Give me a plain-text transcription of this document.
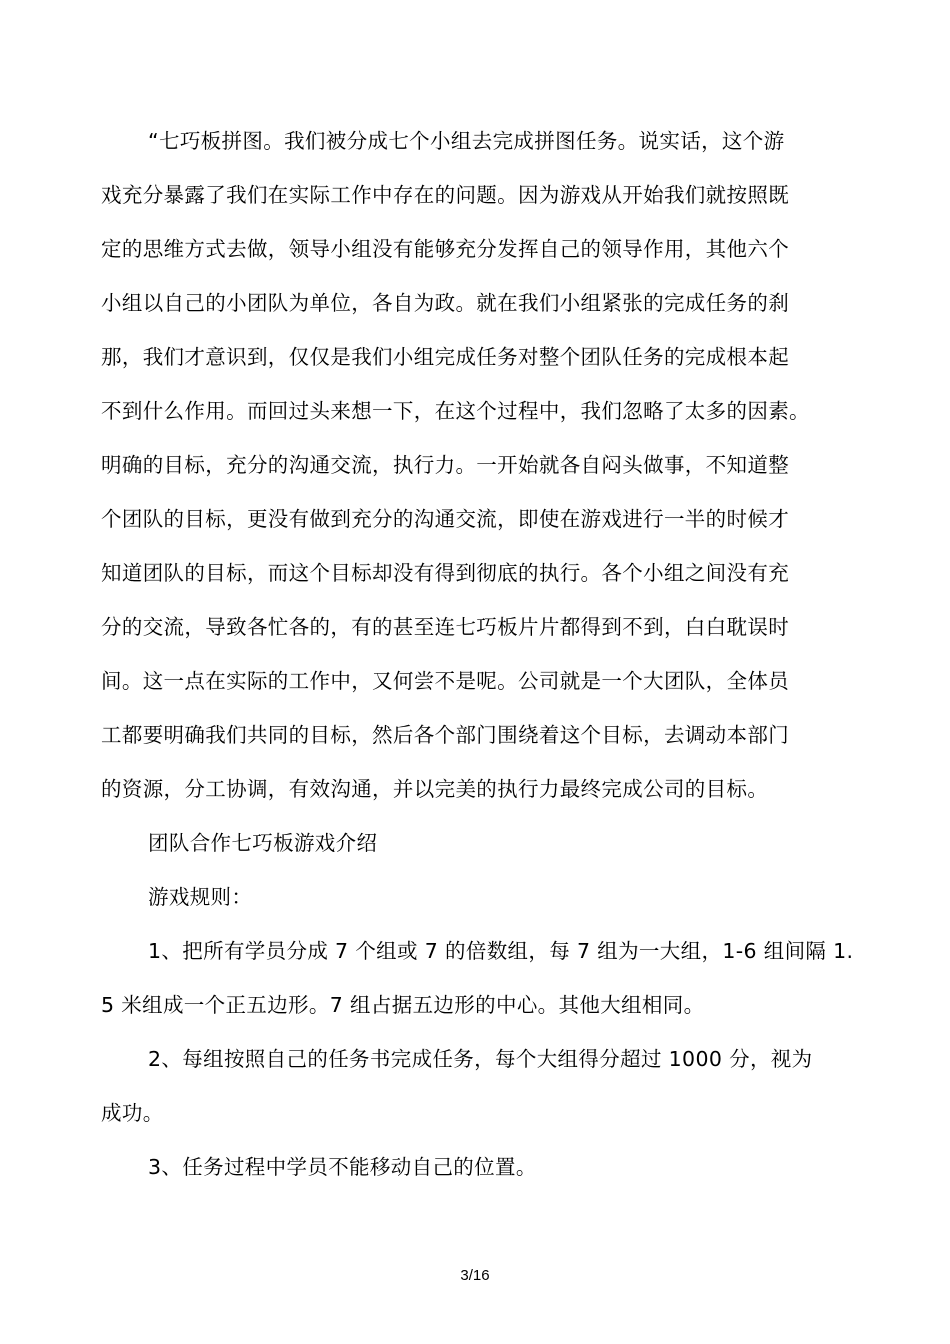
“七巧板拼图。我们被分成七个小组去完成拼图任务。说实话，这个游
戏充分暴露了我们在实际工作中存在的问题。因为游戏从开始我们就按照既
定的思维方式去做，领导小组没有能够充分发挥自己的领导作用，其他六个
小组以自己的小团队为单位，各自为政。就在我们小组紧张的完成任务的刹
那，我们才意识到，仅仅是我们小组完成任务对整个团队任务的完成根本起
不到什么作用。而回过头来想一下，在这个过程中，我们忽略了太多的因素。
明确的目标，充分的沟通交流，执行力。一开始就各自闷头做事，不知道整
个团队的目标，更没有做到充分的沟通交流，即使在游戏进行一半的时候才
知道团队的目标，而这个目标却没有得到彻底的执行。各个小组之间没有充
分的交流，导致各忙各的，有的甚至连七巧板片片都得到不到，白白耽误时
间。这一点在实际的工作中，又何尝不是呢。公司就是一个大团队，全体员
工都要明确我们共同的目标，然后各个部门围绕着这个目标，去调动本部门
的资源，分工协调，有效沟通，并以完美的执行力最终完成公司的目标。
团队合作七巧板游戏介绍
游戏规则：
1、把所有学员分成 7 个组或 7 的倍数组，每 7 组为一大组，1-6 组间隔 1.
5 米组成一个正五边形。7 组占据五边形的中心。其他大组相同。
2、每组按照自己的任务书完成任务，每个大组得分超过 1000 分，视为
成功。
3、任务过程中学员不能移动自己的位置。
3/16
